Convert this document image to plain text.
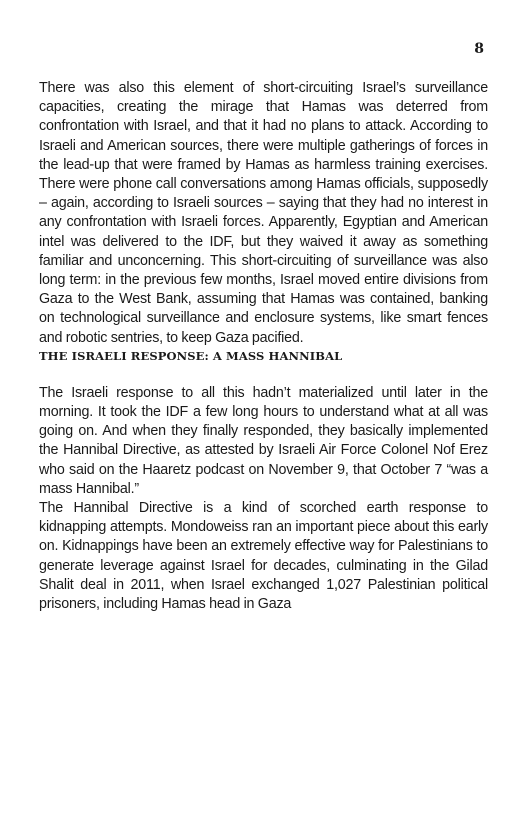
8

There was also this element of short-circuiting Israel’s surveillance capacities, creating the mirage that Hamas was deterred from confrontation with Israel, and that it had no plans to attack. According to Israeli and American sources, there were multiple gatherings of forces in the lead-up that were framed by Hamas as harmless training exercises. There were phone call conversations among Hamas officials, supposedly – again, according to Israeli sources – saying that they had no interest in any confrontation with Israeli forces. Apparently, Egyptian and American intel was delivered to the IDF, but they waived it away as something familiar and unconcerning. This short-circuiting of surveillance was also long term: in the previous few months, Israel moved entire divisions from Gaza to the West Bank, assuming that Hamas was contained, banking on technological surveillance and enclosure systems, like smart fences and robotic sentries, to keep Gaza pacified.

THE ISRAELI RESPONSE: A MASS HANNIBAL

The Israeli response to all this hadn’t materialized until later in the morning. It took the IDF a few long hours to understand what at all was going on. And when they finally responded, they basically implemented the Hannibal Directive, as attested by Israeli Air Force Colonel Nof Erez who said on the Haaretz podcast on November 9, that October 7 “was a mass Hannibal.”

The Hannibal Directive is a kind of scorched earth response to kidnapping attempts. Mondoweiss ran an important piece about this early on. Kidnappings have been an extremely effective way for Palestinians to generate leverage against Israel for decades, culminating in the Gilad Shalit deal in 2011, when Israel exchanged 1,027 Palestinian political prisoners, including Hamas head in Gaza
